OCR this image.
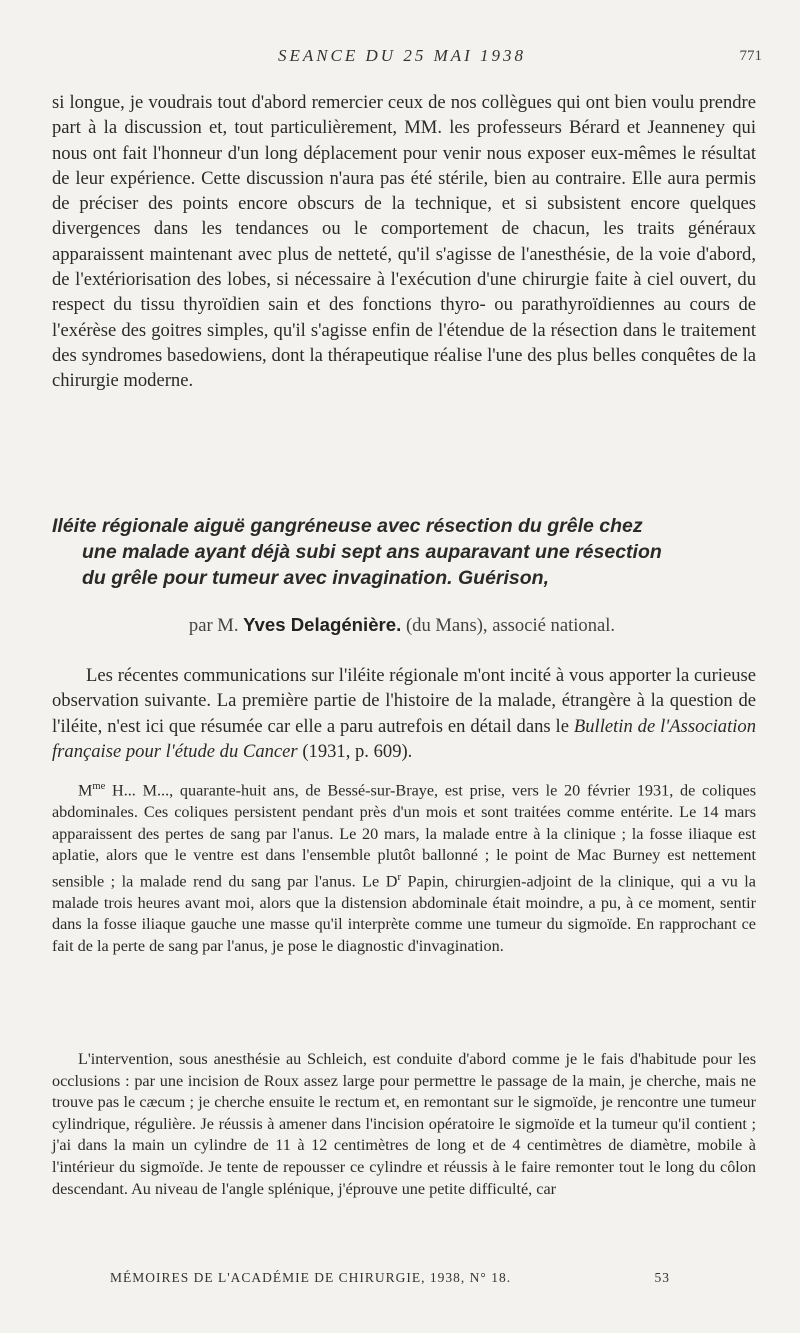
SEANCE DU 25 MAI 1938	771

si longue, je voudrais tout d'abord remercier ceux de nos collègues qui ont bien voulu prendre part à la discussion et, tout particulièrement, MM. les professeurs Bérard et Jeanneney qui nous ont fait l'honneur d'un long déplacement pour venir nous exposer eux-mêmes le résultat de leur expérience. Cette discussion n'aura pas été stérile, bien au contraire. Elle aura permis de préciser des points encore obscurs de la technique, et si subsistent encore quelques divergences dans les tendances ou le comportement de chacun, les traits généraux apparaissent maintenant avec plus de netteté, qu'il s'agisse de l'anesthésie, de la voie d'abord, de l'extériorisation des lobes, si nécessaire à l'exécution d'une chirurgie faite à ciel ouvert, du respect du tissu thyroïdien sain et des fonctions thyro- ou parathyroïdiennes au cours de l'exérèse des goitres simples, qu'il s'agisse enfin de l'étendue de la résection dans le traitement des syndromes basedowiens, dont la thérapeutique réalise l'une des plus belles conquêtes de la chirurgie moderne.

Iléite régionale aiguë gangréneuse avec résection du grêle chez
une malade ayant déjà subi sept ans auparavant une résection
du grêle pour tumeur avec invagination. Guérison,
par M. Yves Delagénière. (du Mans), associé national.

Les récentes communications sur l'iléite régionale m'ont incité à vous apporter la curieuse observation suivante. La première partie de l'histoire de la malade, étrangère à la question de l'iléite, n'est ici que résumée car elle a paru autrefois en détail dans le Bulletin de l'Association française pour l'étude du Cancer (1931, p. 609).

$M^{me}$ H... M..., quarante-huit ans, de Bessé-sur-Braye, est prise, vers le 20 février 1931, de coliques abdominales. Ces coliques persistent pendant près d'un mois et sont traitées comme entérite. Le 14 mars apparaissent des pertes de sang par l'anus. Le 20 mars, la malade entre à la clinique ; la fosse iliaque est aplatie, alors que le ventre est dans l'ensemble plutôt ballonné ; le point de Mac Burney est nettement sensible ; la malade rend du sang par l'anus. Le $D^r$ Papin, chirurgien-adjoint de la clinique, qui a vu la malade trois heures avant moi, alors que la distension abdominale était moindre, a pu, à ce moment, sentir dans la fosse iliaque gauche une masse qu'il interprète comme une tumeur du sigmoïde. En rapprochant ce fait de la perte de sang par l'anus, je pose le diagnostic d'invagination.

L'intervention, sous anesthésie au Schleich, est conduite d'abord comme je le fais d'habitude pour les occlusions : par une incision de Roux assez large pour permettre le passage de la main, je cherche, mais ne trouve pas le cæcum ; je cherche ensuite le rectum et, en remontant sur le sigmoïde, je rencontre une tumeur cylindrique, régulière. Je réussis à amener dans l'incision opératoire le sigmoïde et la tumeur qu'il contient ; j'ai dans la main un cylindre de 11 à 12 centimètres de long et de 4 centimètres de diamètre, mobile à l'intérieur du sigmoïde. Je tente de repousser ce cylindre et réussis à le faire remonter tout le long du côlon descendant. Au niveau de l'angle splénique, j'éprouve une petite difficulté, car

MÉMOIRES DE L'ACADÉMIE DE CHIRURGIE, 1938, N° 18.	53
